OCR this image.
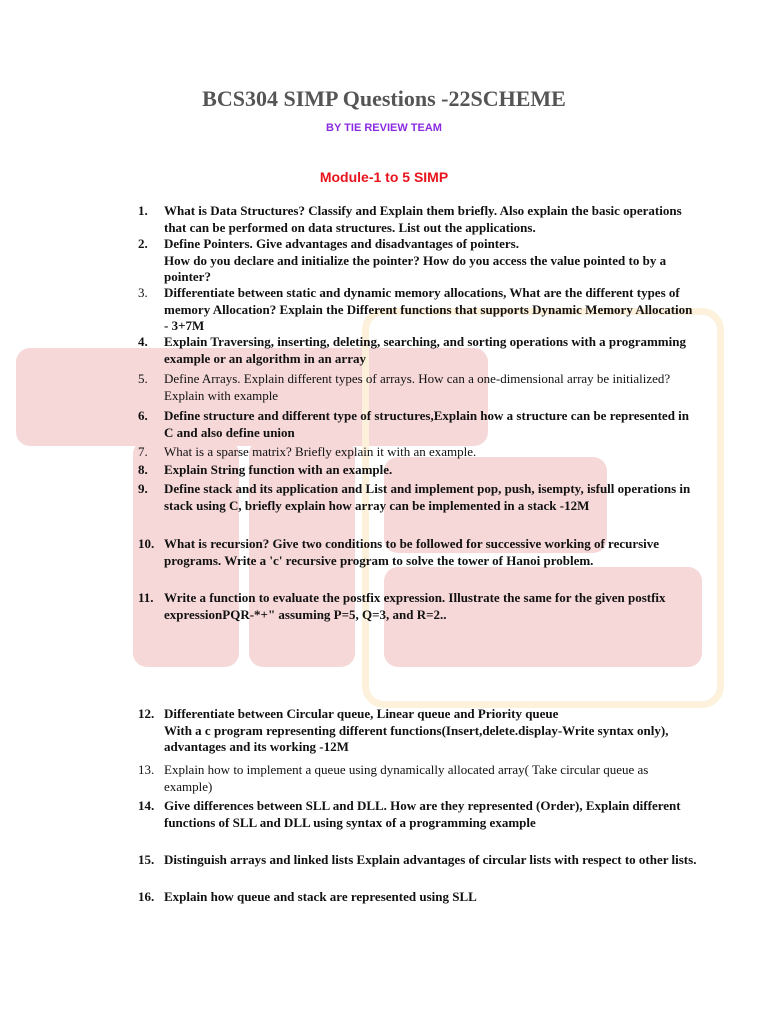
BCS304 SIMP Questions -22SCHEME
BY TIE REVIEW TEAM
Module-1 to 5 SIMP
1.	What is Data Structures? Classify and Explain them briefly. Also explain the basic operations that can be performed on data structures. List out the applications.
2.	Define Pointers. Give advantages and disadvantages of pointers.
How do you declare and initialize the pointer? How do you access the value pointed to by a pointer?
3.	Differentiate between static and dynamic memory allocations, What are the different types of memory Allocation? Explain the Different functions that supports Dynamic Memory Allocation - 3+7M
4.	Explain Traversing, inserting, deleting, searching, and sorting operations with a programming example or an algorithm in an array
5.	Define Arrays. Explain different types of arrays. How can a one-dimensional array be initialized? Explain with example
6.	Define structure and different type of structures,Explain how a structure can be represented in C and also define union
7.	What is a sparse matrix? Briefly explain it with an example.
8.	Explain String function with an example.
9.	Define stack and its application and List and implement pop, push, isempty, isfull operations in stack using C, briefly explain how array can be implemented in a stack -12M
10. What is recursion? Give two conditions to be followed for successive working of recursive programs. Write a 'c' recursive program to solve the tower of Hanoi problem.
11. Write a function to evaluate the postfix expression. Illustrate the same for the given postfix expressionPQR-*+" assuming P=5, Q=3, and R=2..
12. Differentiate between Circular queue, Linear queue and Priority queue
With a c program representing different functions(Insert,delete.display-Write syntax only), advantages and its working -12M
13. Explain how to implement a queue using dynamically allocated array( Take circular queue as example)
14. Give differences between SLL and DLL. How are they represented (Order), Explain different functions of SLL and DLL using syntax of a programming example
15. Distinguish arrays and linked lists Explain advantages of circular lists with respect to other lists.
16. Explain how queue and stack are represented using SLL
